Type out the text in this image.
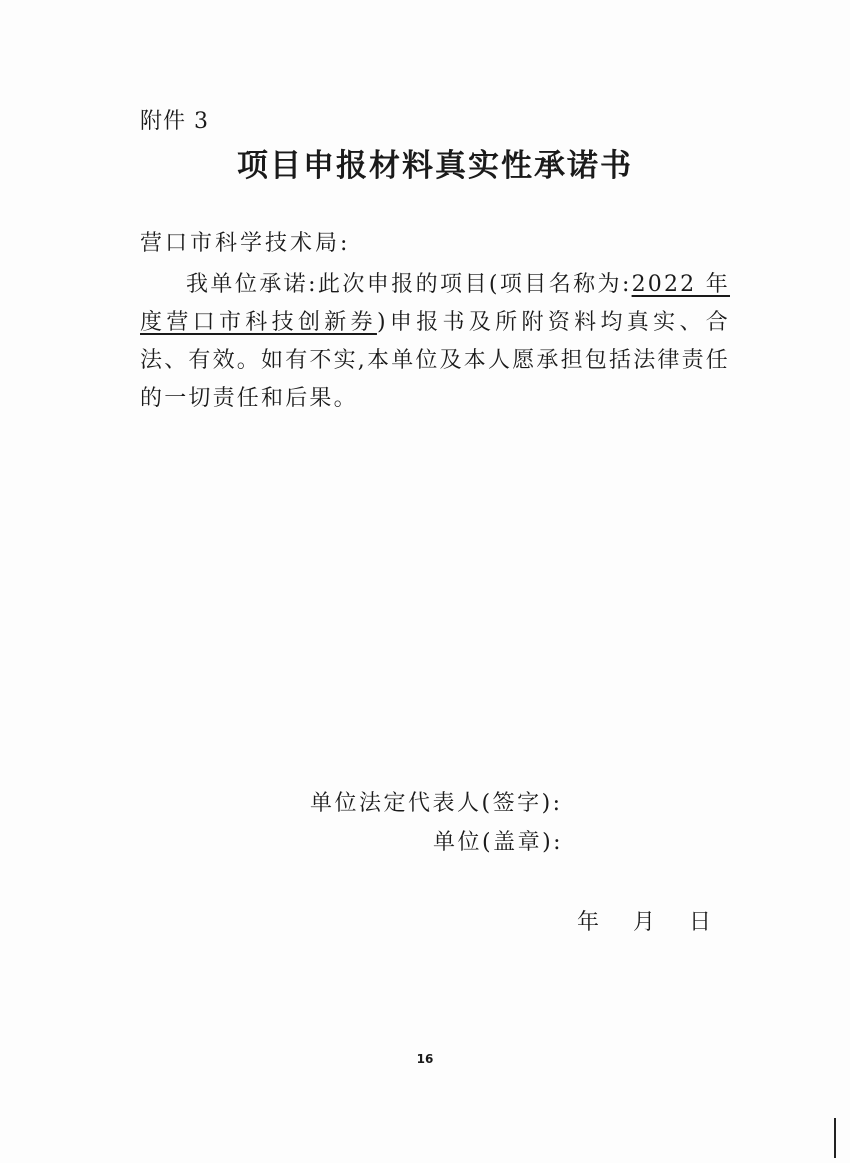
附件 3
项目申报材料真实性承诺书
营口市科学技术局:
我单位承诺:此次申报的项目(项目名称为:2022 年度营口市科技创新券)申报书及所附资料均真实、合法、有效。如有不实,本单位及本人愿承担包括法律责任的一切责任和后果。
单位法定代表人(签字):
单位(盖章):
年 月 日
16
